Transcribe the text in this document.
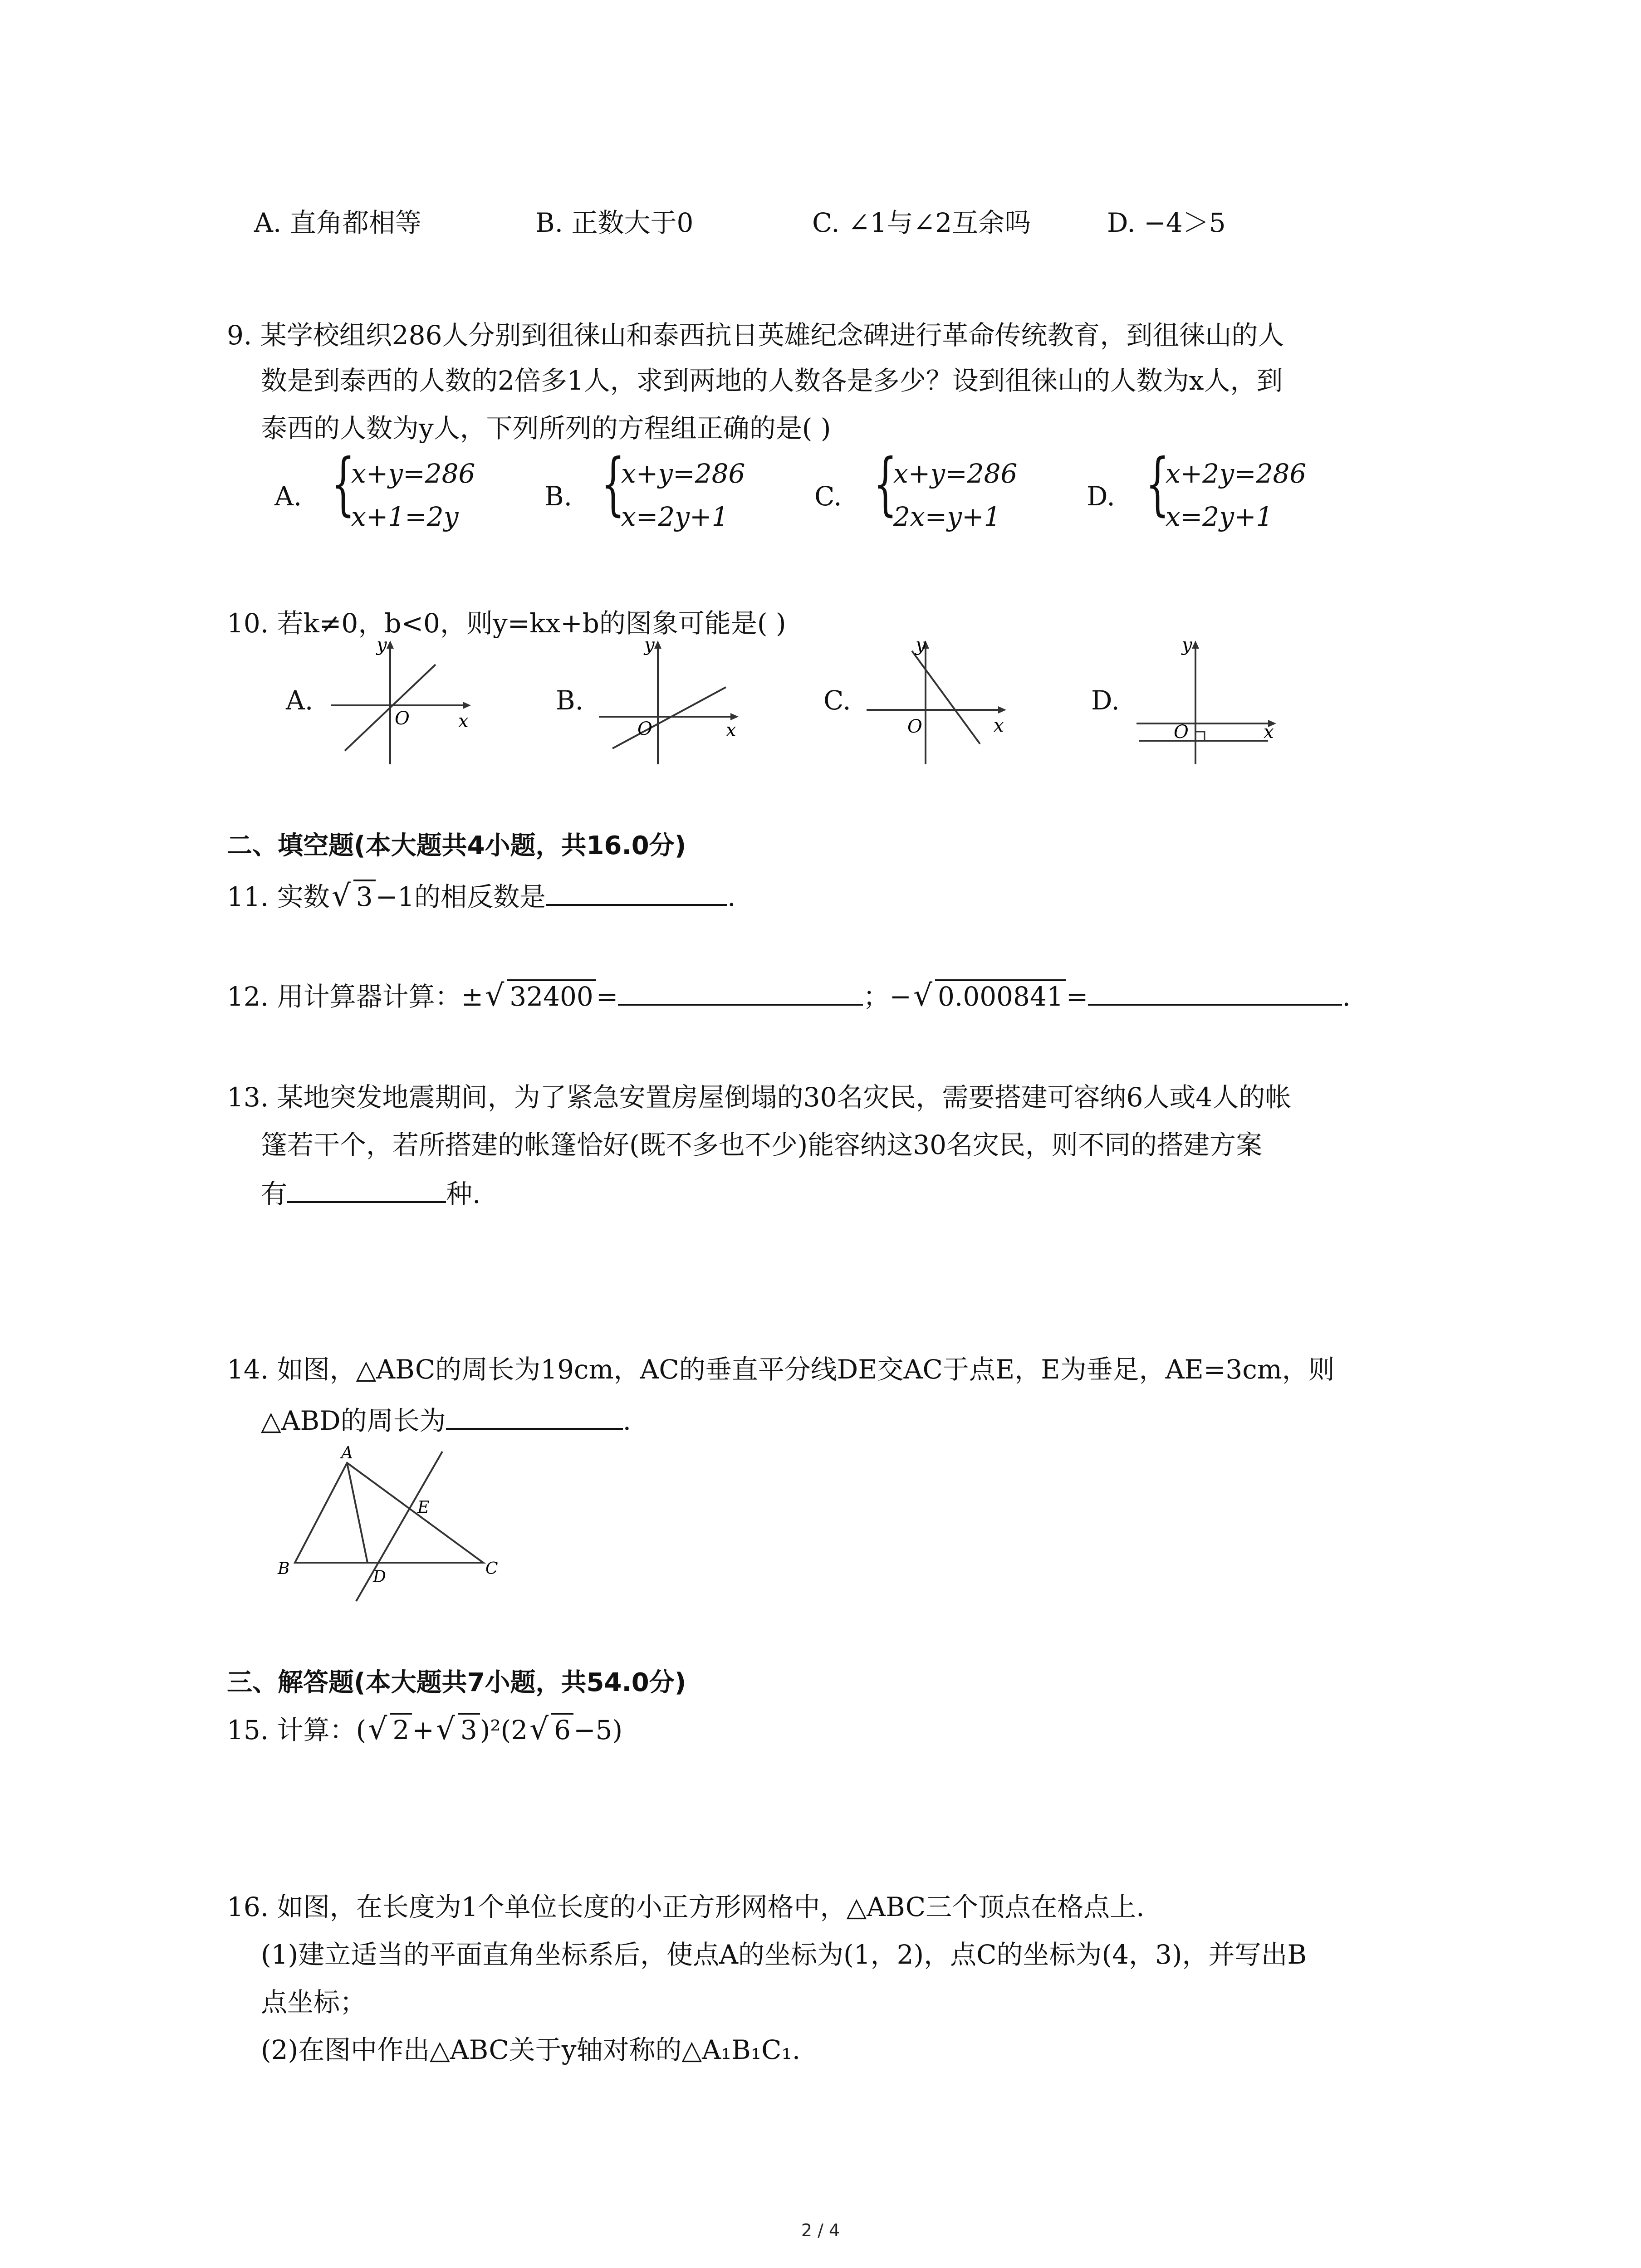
A. 直角都相等	B. 正数大于0	C. ∠1与∠2互余吗	D. −4＞5
9. 某学校组织286人分别到徂徕山和泰西抗日英雄纪念碑进行革命传统教育，到徂徕山的人
数是到泰西的人数的2倍多1人，求到两地的人数各是多少？设到徂徕山的人数为x人，到
泰西的人数为y人，下列所列的方程组正确的是( )
A. {
x+y=286
x+1=2y
B. {
x+y=286
x=2y+1
C. {
x+y=286
2x=y+1
D. {
x+2y=286
x=2y+1
10. 若k≠0，b<0，则y=kx+b的图象可能是( )
A.
y
O	x
B.
y
O	x
C.
y
O	x
D.
y
O	x
二、填空题(本大题共4小题，共16.0分)
11. 实数 √ 3 −1的相反数是	.
12. 用计算器计算：± √ 32400 =	；− √ 0.000841 =	.
13. 某地突发地震期间，为了紧急安置房屋倒塌的30名灾民，需要搭建可容纳6人或4人的帐
篷若干个，若所搭建的帐篷恰好(既不多也不少)能容纳这30名灾民，则不同的搭建方案
有	种.
14. 如图，△ABC的周长为19cm，AC的垂直平分线DE交AC于点E，E为垂足，AE=3cm，则
△ABD的周长为	.
A
B	C
D
E
三、解答题(本大题共7小题，共54.0分)
15. 计算：( √ 2 + √ 3 )²(2 √ 6 −5)
16. 如图，在长度为1个单位长度的小正方形网格中，△ABC三个顶点在格点上.
(1)建立适当的平面直角坐标系后，使点A的坐标为(1，2)，点C的坐标为(4，3)，并写出B
点坐标；
(2)在图中作出△ABC关于y轴对称的△A₁B₁C₁.
2 / 4
